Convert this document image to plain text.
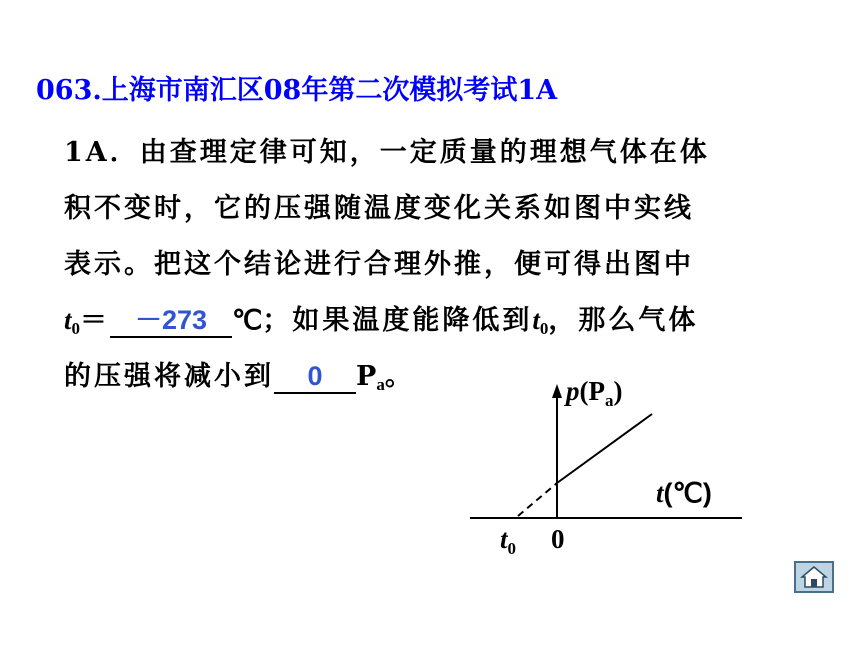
063.上海市南汇区08年第二次模拟考试1A
1A．由查理定律可知，一定质量的理想气体在体
积不变时，它的压强随温度变化关系如图中实线
表示。把这个结论进行合理外推，便可得出图中
$t_0= -273$ ℃；如果温度能降低到$t_0$，那么气体
的压强将减小到 0 $P_a$。	$p(P_a)$
t(℃)
$t_0$ 0
